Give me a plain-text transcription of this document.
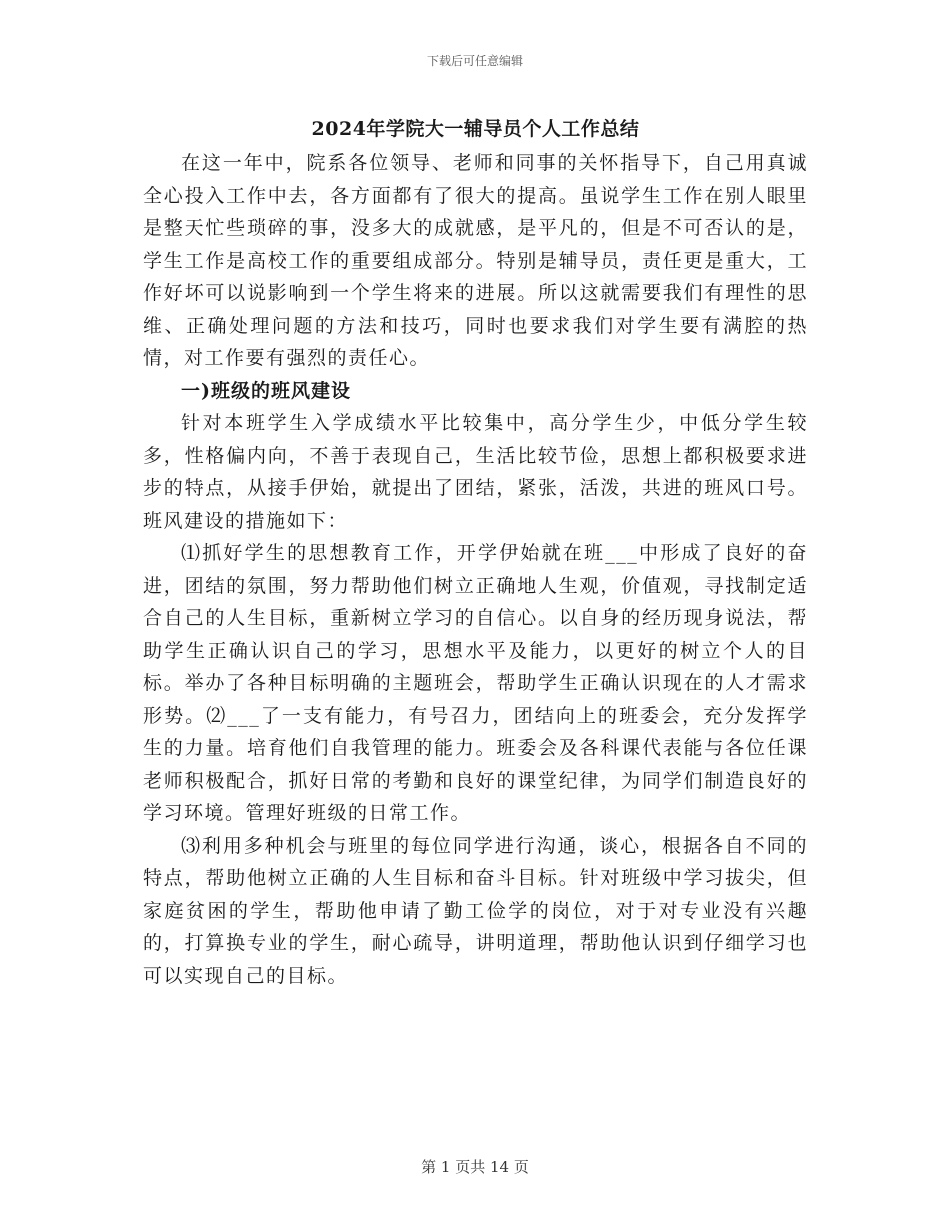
下载后可任意编辑
2024年学院大一辅导员个人工作总结

在这一年中，院系各位领导、老师和同事的关怀指导下，自己用真诚全心投入工作中去，各方面都有了很大的提高。虽说学生工作在别人眼里是整天忙些琐碎的事，没多大的成就感，是平凡的，但是不可否认的是，学生工作是高校工作的重要组成部分。特别是辅导员，责任更是重大，工作好坏可以说影响到一个学生将来的进展。所以这就需要我们有理性的思维、正确处理问题的方法和技巧，同时也要求我们对学生要有满腔的热情，对工作要有强烈的责任心。

一)班级的班风建设

针对本班学生入学成绩水平比较集中，高分学生少，中低分学生较多，性格偏内向，不善于表现自己，生活比较节俭，思想上都积极要求进步的特点，从接手伊始，就提出了团结，紧张，活泼，共进的班风口号。班风建设的措施如下：

⑴抓好学生的思想教育工作，开学伊始就在班___中形成了良好的奋进，团结的氛围，努力帮助他们树立正确地人生观，价值观，寻找制定适合自己的人生目标，重新树立学习的自信心。以自身的经历现身说法，帮助学生正确认识自己的学习，思想水平及能力，以更好的树立个人的目标。举办了各种目标明确的主题班会，帮助学生正确认识现在的人才需求形势。⑵___了一支有能力，有号召力，团结向上的班委会，充分发挥学生的力量。培育他们自我管理的能力。班委会及各科课代表能与各位任课老师积极配合，抓好日常的考勤和良好的课堂纪律，为同学们制造良好的学习环境。管理好班级的日常工作。

⑶利用多种机会与班里的每位同学进行沟通，谈心，根据各自不同的特点，帮助他树立正确的人生目标和奋斗目标。针对班级中学习拔尖，但家庭贫困的学生，帮助他申请了勤工俭学的岗位，对于对专业没有兴趣的，打算换专业的学生，耐心疏导，讲明道理，帮助他认识到仔细学习也可以实现自己的目标。

第 1 页共 14 页
